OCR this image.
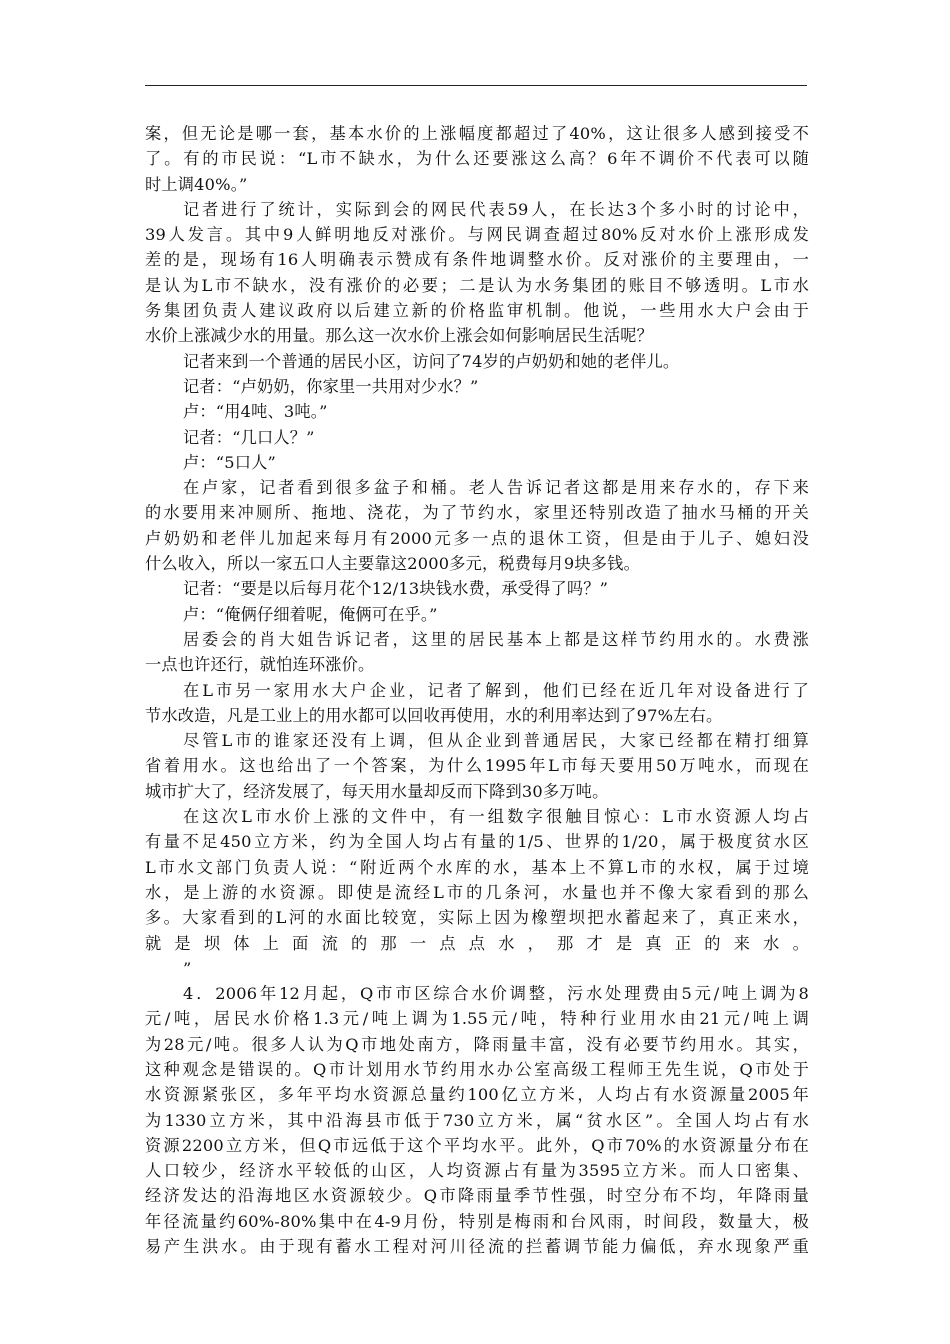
案，但无论是哪一套，基本水价的上涨幅度都超过了40%，这让很多人感到接受不
了。有的市民说：“L市不缺水，为什么还要涨这么高？6年不调价不代表可以随
时上调40%。”
记者进行了统计，实际到会的网民代表59人，在长达3个多小时的讨论中，
39人发言。其中9人鲜明地反对涨价。与网民调查超过80%反对水价上涨形成发
差的是，现场有16人明确表示赞成有条件地调整水价。反对涨价的主要理由，一
是认为L市不缺水，没有涨价的必要；二是认为水务集团的账目不够透明。L市水
务集团负责人建议政府以后建立新的价格监审机制。他说，一些用水大户会由于
水价上涨减少水的用量。那么这一次水价上涨会如何影响居民生活呢？
记者来到一个普通的居民小区，访问了74岁的卢奶奶和她的老伴儿。
记者：“卢奶奶，你家里一共用对少水？”
卢：“用4吨、3吨。”
记者：“几口人？”
卢：“5口人”
在卢家，记者看到很多盆子和桶。老人告诉记者这都是用来存水的，存下来
的水要用来冲厕所、拖地、浇花，为了节约水，家里还特别改造了抽水马桶的开关
卢奶奶和老伴儿加起来每月有2000元多一点的退休工资，但是由于儿子、媳妇没
什么收入，所以一家五口人主要靠这2000多元，税费每月9块多钱。
记者：“要是以后每月花个12/13块钱水费，承受得了吗？”
卢：“俺俩仔细着呢，俺俩可在乎。”
居委会的肖大姐告诉记者，这里的居民基本上都是这样节约用水的。水费涨
一点也许还行，就怕连环涨价。
在L市另一家用水大户企业，记者了解到，他们已经在近几年对设备进行了
节水改造，凡是工业上的用水都可以回收再使用，水的利用率达到了97%左右。
尽管L市的谁家还没有上调，但从企业到普通居民，大家已经都在精打细算
省着用水。这也给出了一个答案，为什么1995年L市每天要用50万吨水，而现在
城市扩大了，经济发展了，每天用水量却反而下降到30多万吨。
在这次L市水价上涨的文件中，有一组数字很触目惊心：L市水资源人均占
有量不足450立方米，约为全国人均占有量的1/5、世界的1/20，属于极度贫水区
L市水文部门负责人说：“附近两个水库的水，基本上不算L市的水权，属于过境
水，是上游的水资源。即使是流经L市的几条河，水量也并不像大家看到的那么
多。大家看到的L河的水面比较宽，实际上因为橡塑坝把水蓄起来了，真正来水，
就是坝体上面流的那一点点水，那才是真正的来水。
”
4．2006年12月起，Q市市区综合水价调整，污水处理费由5元/吨上调为8
元/吨，居民水价格1.3元/吨上调为1.55元/吨，特种行业用水由21元/吨上调
为28元/吨。很多人认为Q市地处南方，降雨量丰富，没有必要节约用水。其实，
这种观念是错误的。Q市计划用水节约用水办公室高级工程师王先生说，Q市处于
水资源紧张区，多年平均水资源总量约100亿立方米，人均占有水资源量2005年
为1330立方米，其中沿海县市低于730立方米，属“贫水区”。全国人均占有水
资源2200立方米，但Q市远低于这个平均水平。此外，Q市70%的水资源量分布在
人口较少，经济水平较低的山区，人均资源占有量为3595立方米。而人口密集、
经济发达的沿海地区水资源较少。Q市降雨量季节性强，时空分布不均，年降雨量
年径流量约60%-80%集中在4-9月份，特别是梅雨和台风雨，时间段，数量大，极
易产生洪水。由于现有蓄水工程对河川径流的拦蓄调节能力偏低，弃水现象严重
